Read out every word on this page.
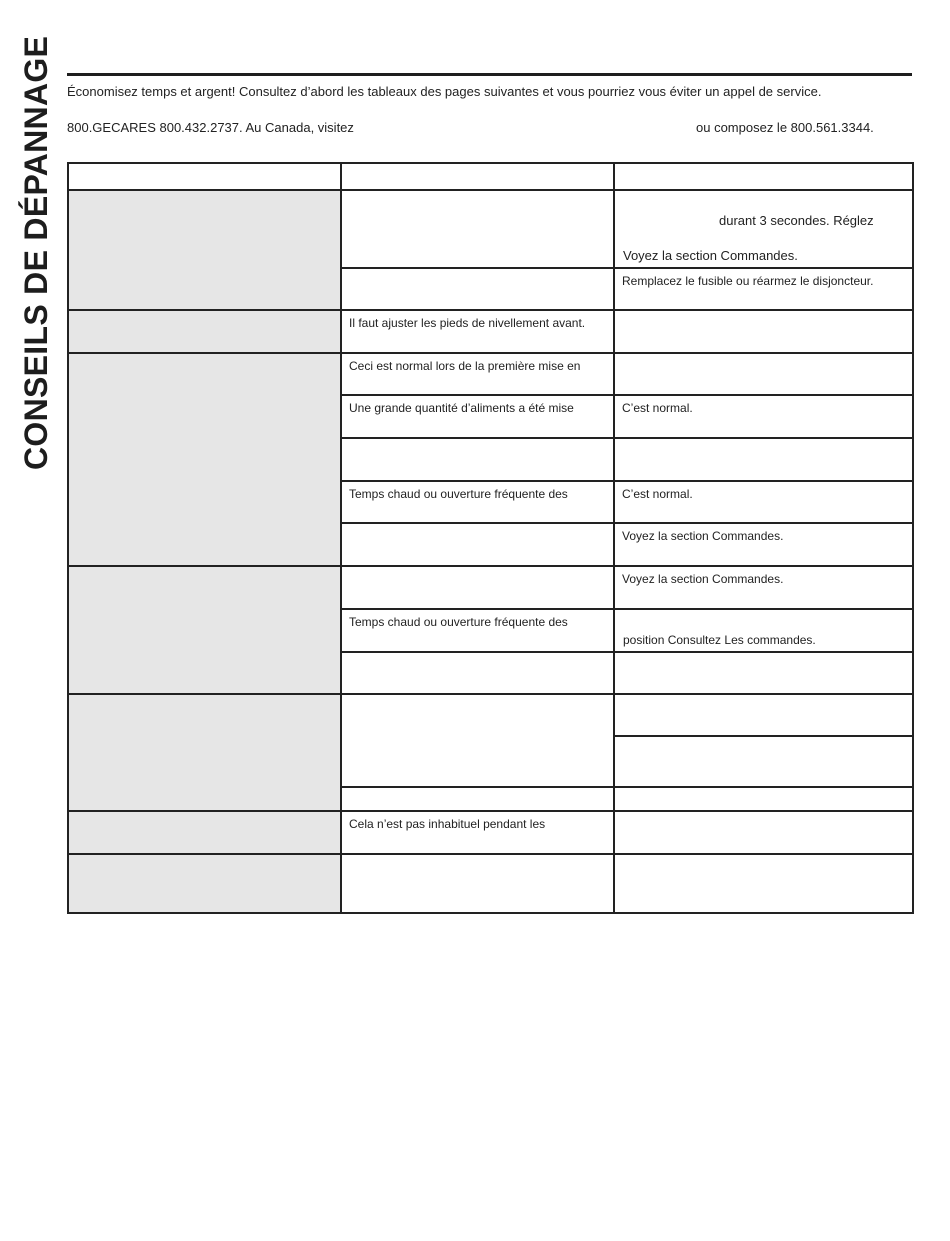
CONSEILS DE DÉPANNAGE Économisez temps et argent! Consultez d’abord les tableaux des pages suivantes et vous pourriez vous éviter un appel de service.
800.GECARES 800.432.2737. Au Canada, visitez	ou composez le 800.561.3344.
Il faut ajuster les pieds de nivellement avant.
Ceci est normal lors de la première mise en
Une grande quantité d’aliments a été mise
Temps chaud ou ouverture fréquente des
Temps chaud ou ouverture fréquente des
Cela n’est pas inhabituel pendant les
durant 3 secondes. Réglez
Voyez la section Commandes.
Remplacez le fusible ou réarmez le disjoncteur.
C’est normal.
C’est normal.
Voyez la section Commandes.
Voyez la section Commandes.
position Consultez Les commandes.
